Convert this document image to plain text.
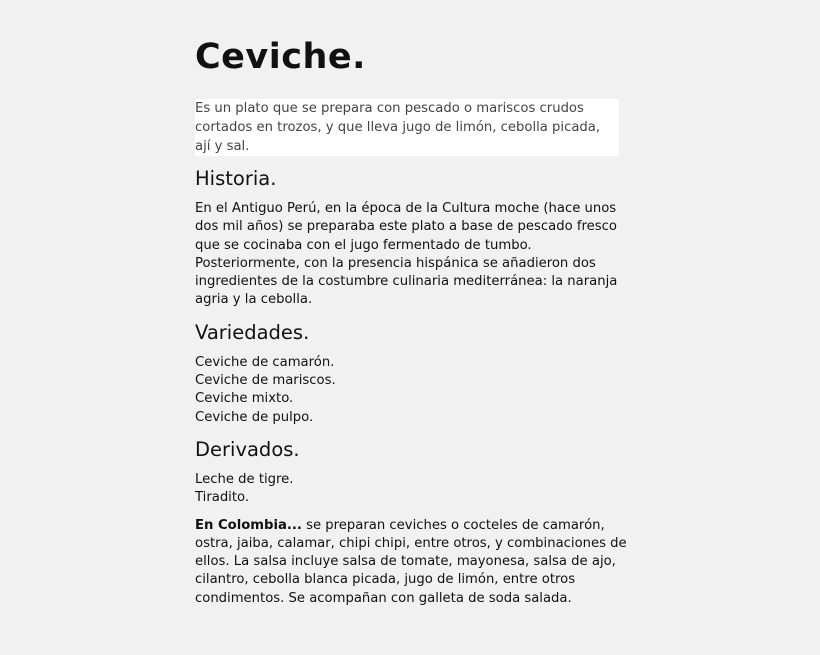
Ceviche.

Es un plato que se prepara con pescado o mariscos crudos cortados en trozos, y que lleva jugo de limón, cebolla picada, ají y sal.

Historia.

En el Antiguo Perú, en la época de la Cultura moche (hace unos dos mil años) se preparaba este plato a base de pescado fresco que se cocinaba con el jugo fermentado de tumbo. Posteriormente, con la presencia hispánica se añadieron dos ingredientes de la costumbre culinaria mediterránea: la naranja agria y la cebolla.

Variedades.
Ceviche de camarón.
Ceviche de mariscos.
Ceviche mixto.
Ceviche de pulpo.
Derivados.
Leche de tigre.
Tiradito.

En Colombia... se preparan ceviches o cocteles de camarón, ostra, jaiba, calamar, chipi chipi, entre otros, y combinaciones de ellos. La salsa incluye salsa de tomate, mayonesa, salsa de ajo, cilantro, cebolla blanca picada, jugo de limón, entre otros condimentos. Se acompañan con galleta de soda salada.
